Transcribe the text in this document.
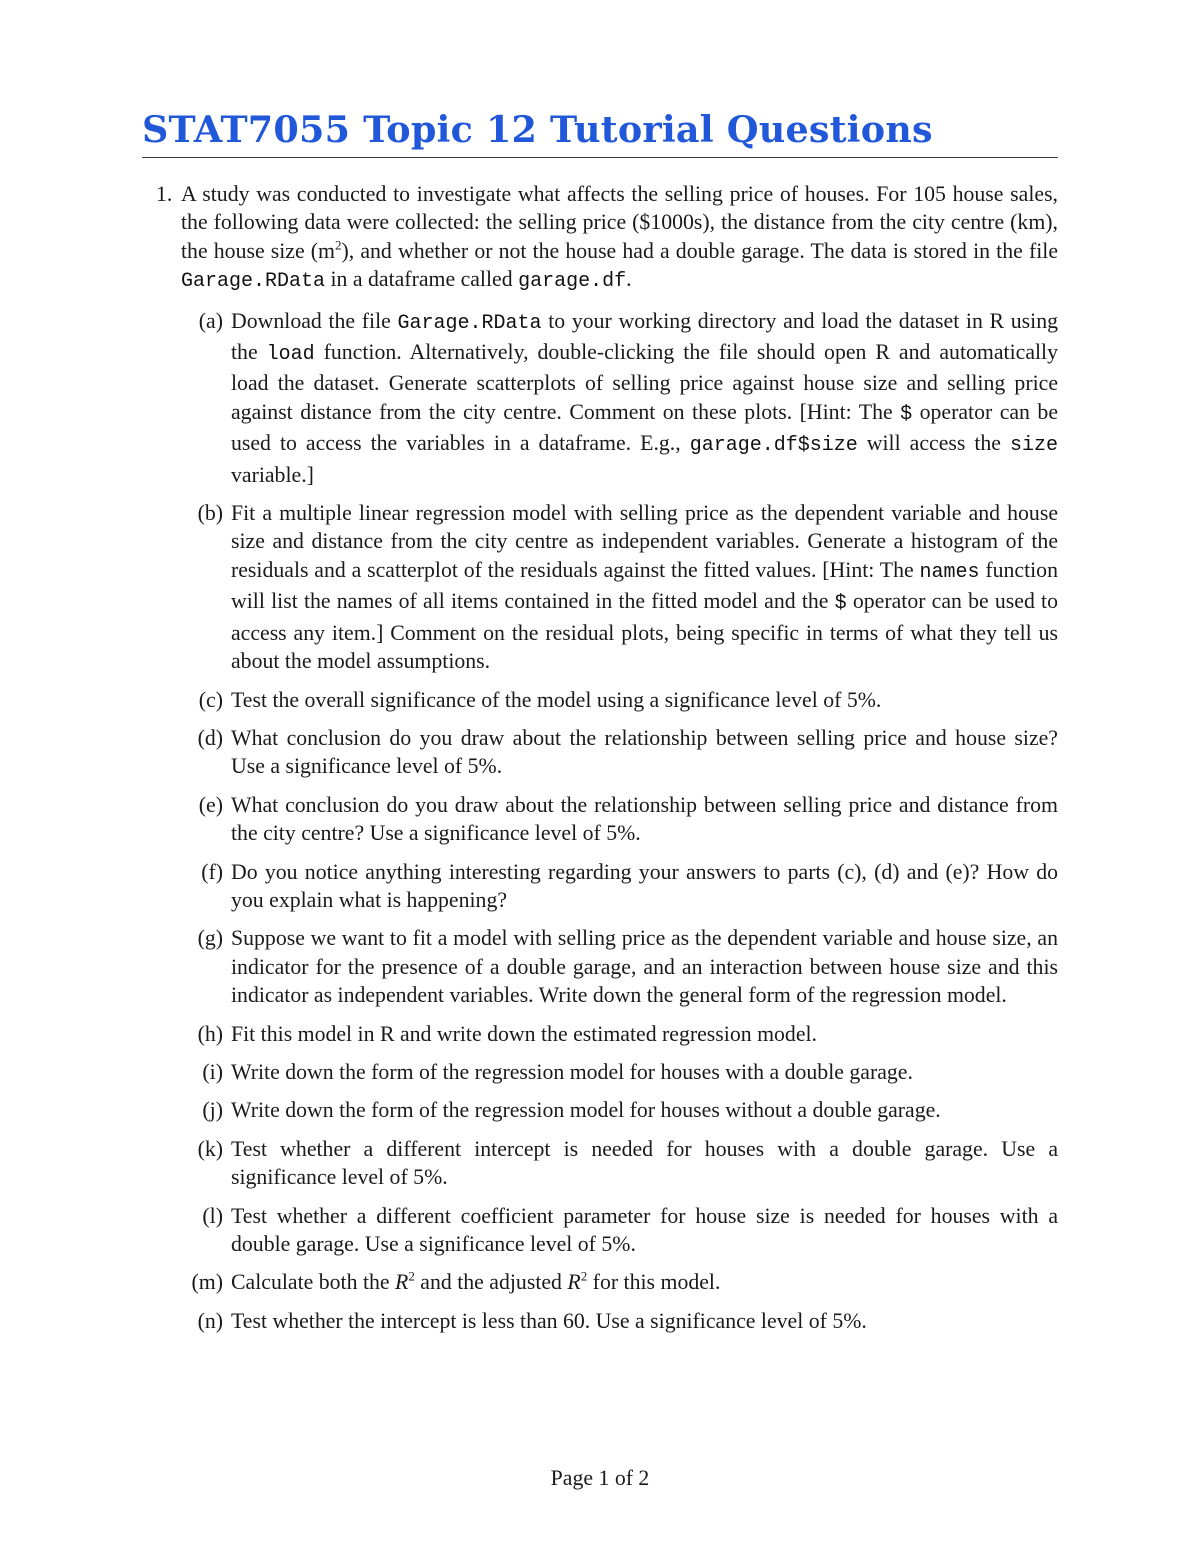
STAT7055 Topic 12 Tutorial Questions
1. A study was conducted to investigate what affects the selling price of houses. For 105 house sales, the following data were collected: the selling price ($1000s), the distance from the city centre (km), the house size $(m^2)$, and whether or not the house had a double garage. The data is stored in the file Garage.RData in a dataframe called garage.df.
(a) Download the file Garage.RData to your working directory and load the dataset in R using the load function. Alternatively, double-clicking the file should open R and automatically load the dataset. Generate scatterplots of selling price against house size and selling price against distance from the city centre. Comment on these plots. [Hint: The $ operator can be used to access the variables in a dataframe. E.g., garage.df$size will access the size variable.]
(b) Fit a multiple linear regression model with selling price as the dependent variable and house size and distance from the city centre as independent variables. Generate a histogram of the residuals and a scatterplot of the residuals against the fitted values. [Hint: The names function will list the names of all items contained in the fitted model and the $ operator can be used to access any item.] Comment on the residual plots, being specific in terms of what they tell us about the model assumptions.
(c) Test the overall significance of the model using a significance level of 5%.
(d) What conclusion do you draw about the relationship between selling price and house size? Use a significance level of 5%.
(e) What conclusion do you draw about the relationship between selling price and distance from the city centre? Use a significance level of 5%.
(f) Do you notice anything interesting regarding your answers to parts (c), (d) and (e)? How do you explain what is happening?
(g) Suppose we want to fit a model with selling price as the dependent variable and house size, an indicator for the presence of a double garage, and an interaction between house size and this indicator as independent variables. Write down the general form of the regression model.
(h) Fit this model in R and write down the estimated regression model.
(i) Write down the form of the regression model for houses with a double garage.
(j) Write down the form of the regression model for houses without a double garage.
(k) Test whether a different intercept is needed for houses with a double garage. Use a significance level of 5%.
(l) Test whether a different coefficient parameter for house size is needed for houses with a double garage. Use a significance level of 5%.
(m) Calculate both the $R^2$ and the adjusted $R^2$ for this model.
(n) Test whether the intercept is less than 60. Use a significance level of 5%.
Page 1 of 2
